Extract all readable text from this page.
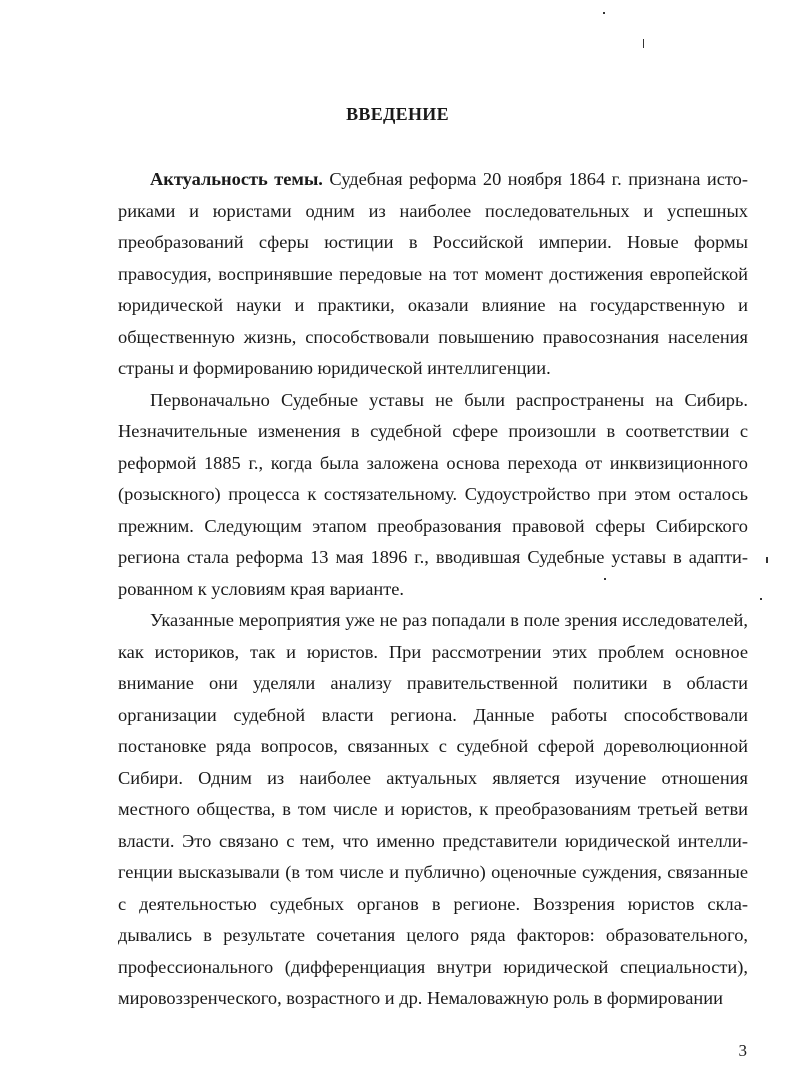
ВВЕДЕНИЕ

Актуальность темы. Судебная реформа 20 ноября 1864 г. признана историками и юристами одним из наиболее последовательных и успешных преобразований сферы юстиции в Российской империи. Новые формы правосудия, воспринявшие передовые на тот момент достижения европейской юридической науки и практики, оказали влияние на государственную и общественную жизнь, способствовали повышению правосознания населения страны и формированию юридической интеллигенции.

Первоначально Судебные уставы не были распространены на Сибирь. Незначительные изменения в судебной сфере произошли в соответствии с реформой 1885 г., когда была заложена основа перехода от инквизиционного (розыскного) процесса к состязательному. Судоустройство при этом осталось прежним. Следующим этапом преобразования правовой сферы Сибирского региона стала реформа 13 мая 1896 г., вводившая Судебные уставы в адаптированном к условиям края варианте.

Указанные мероприятия уже не раз попадали в поле зрения исследователей, как историков, так и юристов. При рассмотрении этих проблем основное внимание они уделяли анализу правительственной политики в области организации судебной власти региона. Данные работы способствовали постановке ряда вопросов, связанных с судебной сферой дореволюционной Сибири. Одним из наиболее актуальных является изучение отношения местного общества, в том числе и юристов, к преобразованиям третьей ветви власти. Это связано с тем, что именно представители юридической интеллигенции высказывали (в том числе и публично) оценочные суждения, связанные с деятельностью судебных органов в регионе. Воззрения юристов складывались в результате сочетания целого ряда факторов: образовательного, профессионального (дифференциация внутри юридической специальности), мировоззренческого, возрастного и др. Немаловажную роль в формировании

3
